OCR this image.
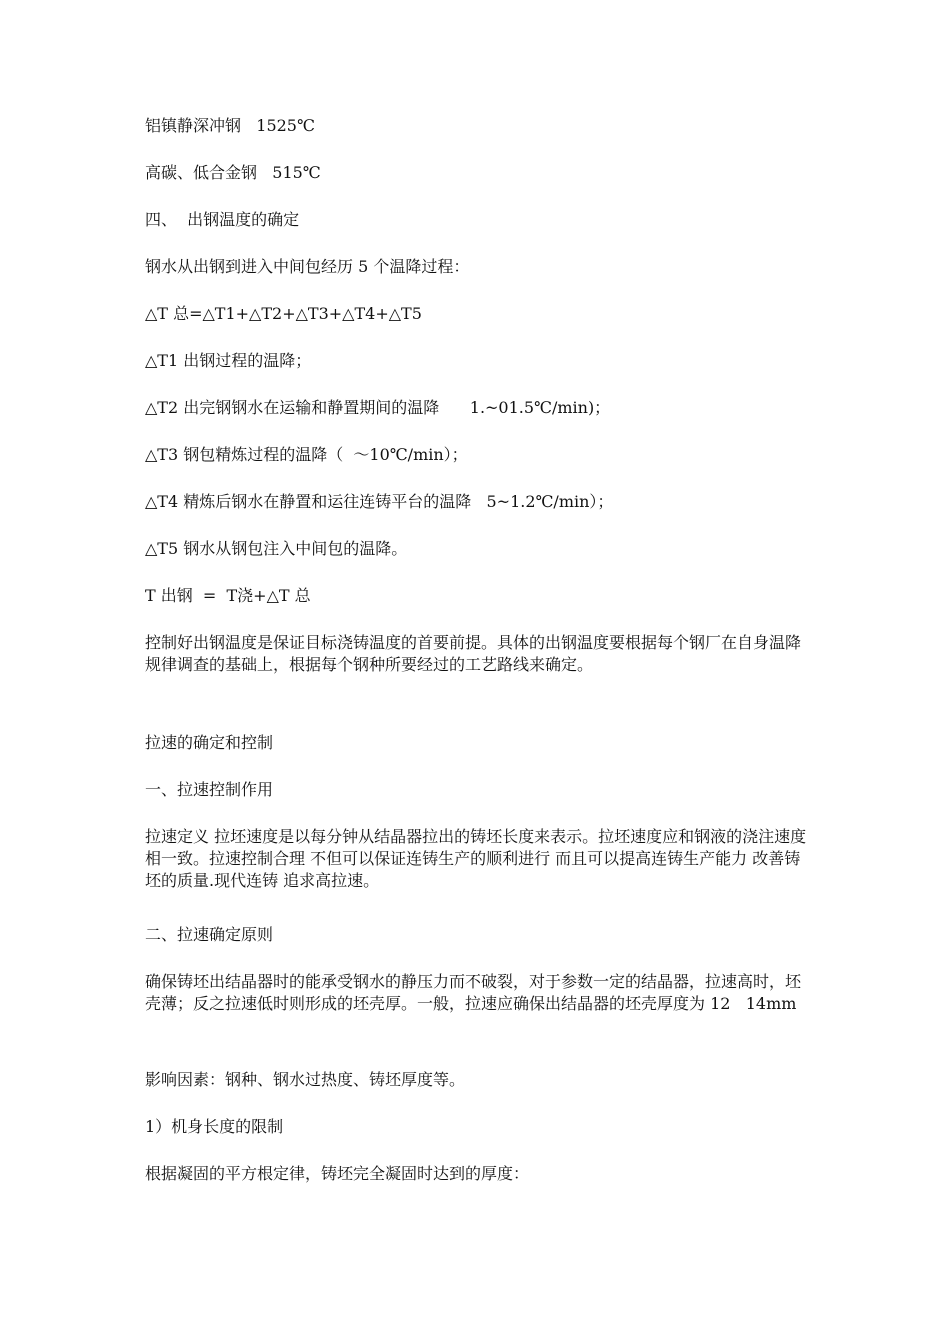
铝镇静深冲钢   1525℃

高碳、低合金钢   515℃

四、  出钢温度的确定

钢水从出钢到进入中间包经历 5 个温降过程：

△T 总=△T1+△T2+△T3+△T4+△T5

△T1 出钢过程的温降；

△T2 出完钢钢水在运输和静置期间的温降      1.~01.5℃/min)；

△T3 钢包精炼过程的温降（  ～10℃/min）；

△T4 精炼后钢水在静置和运往连铸平台的温降   5~1.2℃/min）；

△T5 钢水从钢包注入中间包的温降。

T 出钢  =  T浇+△T 总

控制好出钢温度是保证目标浇铸温度的首要前提。具体的出钢温度要根据每个钢厂在自身温降规律调查的基础上，根据每个钢种所要经过的工艺路线来确定。

拉速的确定和控制

一、拉速控制作用

拉速定义 拉坯速度是以每分钟从结晶器拉出的铸坯长度来表示。拉坯速度应和钢液的浇注速度相一致。拉速控制合理 不但可以保证连铸生产的顺利进行 而且可以提高连铸生产能力 改善铸坯的质量.现代连铸 追求高拉速。

二、拉速确定原则

确保铸坯出结晶器时的能承受钢水的静压力而不破裂，对于参数一定的结晶器，拉速高时，坯壳薄；反之拉速低时则形成的坯壳厚。一般，拉速应确保出结晶器的坯壳厚度为 12   14mm

影响因素：钢种、钢水过热度、铸坯厚度等。

1）机身长度的限制

根据凝固的平方根定律，铸坯完全凝固时达到的厚度：
